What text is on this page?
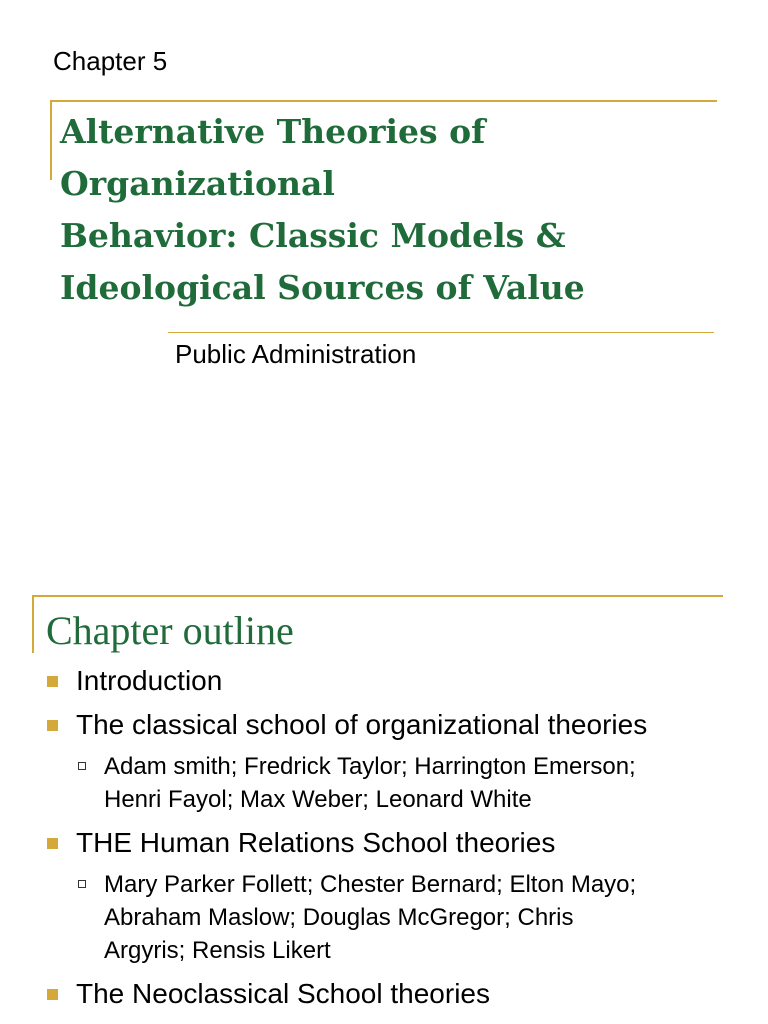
Chapter 5
Alternative Theories of Organizational
Behavior: Classic Models &
Ideological Sources of Value
Public Administration
Chapter outline
Introduction
The classical school of organizational theories
Adam smith; Fredrick Taylor; Harrington Emerson;
Henri Fayol; Max Weber; Leonard White
THE Human Relations School theories
Mary Parker Follett; Chester Bernard; Elton Mayo;
Abraham Maslow; Douglas McGregor; Chris
Argyris; Rensis Likert
The Neoclassical School theories
